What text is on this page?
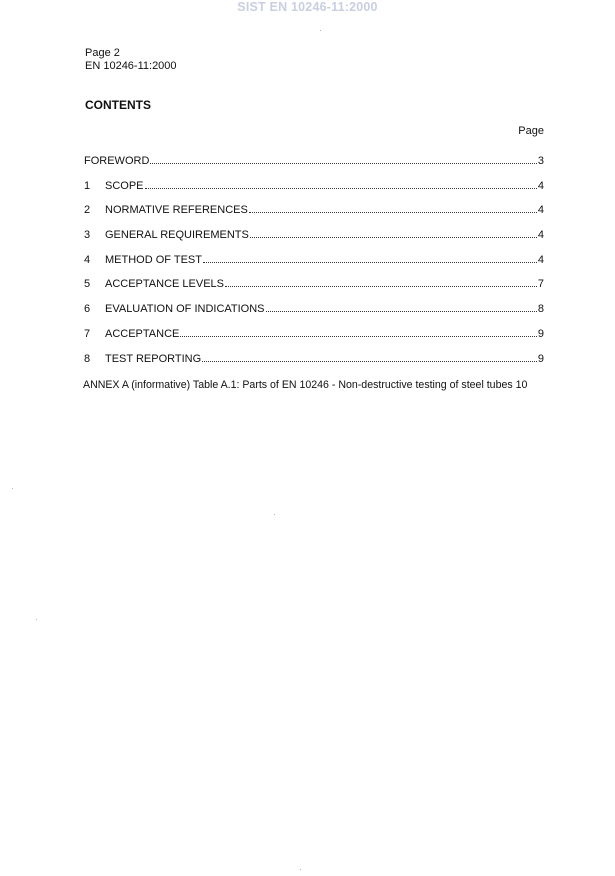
SIST EN 10246-11:2000
Page 2
EN 10246-11:2000
CONTENTS
Page
FOREWORD	3
1	SCOPE	4
2	NORMATIVE REFERENCES	4
3	GENERAL REQUIREMENTS	4
4	METHOD OF TEST	4
5	ACCEPTANCE LEVELS	7
6	EVALUATION OF INDICATIONS	8
7	ACCEPTANCE	9
8	TEST REPORTING	9
ANNEX A (informative) Table A.1: Parts of EN 10246 - Non-destructive testing of steel tubes 10
